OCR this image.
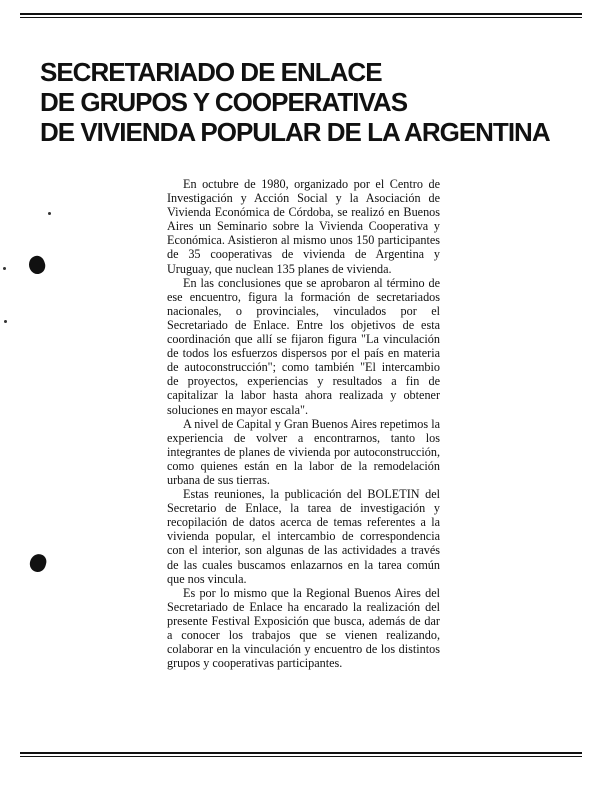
SECRETARIADO DE ENLACE
DE GRUPOS Y COOPERATIVAS
DE VIVIENDA POPULAR DE LA ARGENTINA

En octubre de 1980, organizado por el Centro de Investigación y Acción Social y la Asociación de Vivienda Económica de Córdoba, se realizó en Buenos Aires un Seminario sobre la Vivienda Cooperativa y Económica. Asistieron al mismo unos 150 participantes de 35 cooperativas de vivienda de Argentina y Uruguay, que nuclean 135 planes de vivienda.

En las conclusiones que se aprobaron al término de ese encuentro, figura la formación de secretariados nacionales, o provinciales, vinculados por el Secretariado de Enlace. Entre los objetivos de esta coordinación que allí se fijaron figura "La vinculación de todos los esfuerzos dispersos por el país en materia de autoconstrucción"; como también "El intercambio de proyectos, experiencias y resultados a fin de capitalizar la labor hasta ahora realizada y obtener soluciones en mayor escala".

A nivel de Capital y Gran Buenos Aires repetimos la experiencia de volver a encontrarnos, tanto los integrantes de planes de vivienda por autoconstrucción, como quienes están en la labor de la remodelación urbana de sus tierras.

Estas reuniones, la publicación del BOLETIN del Secretario de Enlace, la tarea de investigación y recopilación de datos acerca de temas referentes a la vivienda popular, el intercambio de correspondencia con el interior, son algunas de las actividades a través de las cuales buscamos enlazarnos en la tarea común que nos vincula.

Es por lo mismo que la Regional Buenos Aires del Secretariado de Enlace ha encarado la realización del presente Festival Exposición que busca, además de dar a conocer los trabajos que se vienen realizando, colaborar en la vinculación y encuentro de los distintos grupos y cooperativas participantes.
